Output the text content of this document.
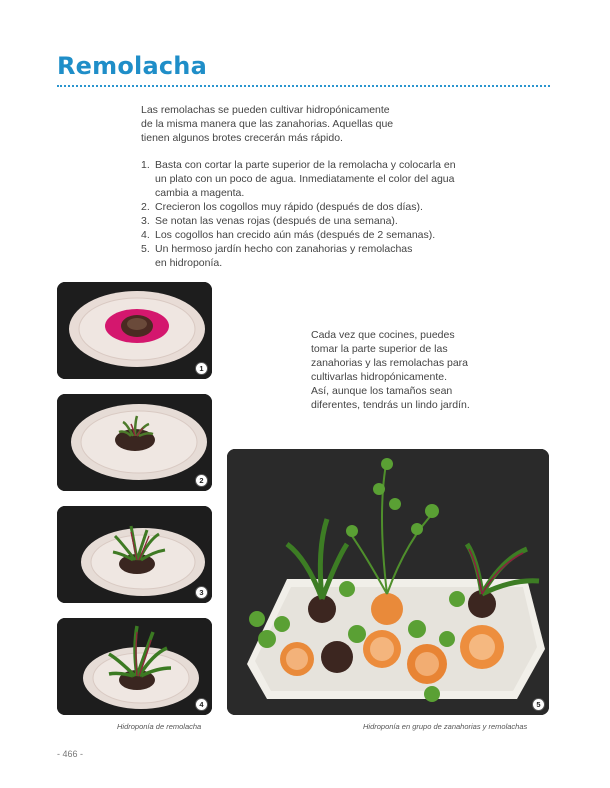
Remolacha
Las remolachas se pueden cultivar hidropónicamente
de la misma manera que las zanahorias. Aquellas que
tienen algunos brotes crecerán más rápido.
1. Basta con cortar la parte superior de la remolacha y colocarla en
un plato con un poco de agua. Inmediatamente el color del agua
cambia a magenta.
2. Crecieron los cogollos muy rápido (después de dos días).
3. Se notan las venas rojas (después de una semana).
4. Los cogollos han crecido aún más (después de 2 semanas).
5. Un hermoso jardín hecho con zanahorias y remolachas
en hidroponía.
Cada vez que cocines, puedes
tomar la parte superior de las
zanahorias y las remolachas para
cultivarlas hidropónicamente.
Así, aunque los tamaños sean
diferentes, tendrás un lindo jardín.
1
2
3
4	5
Hidroponía de remolacha	Hidroponía en grupo de zanahorias y remolachas
- 466 -
